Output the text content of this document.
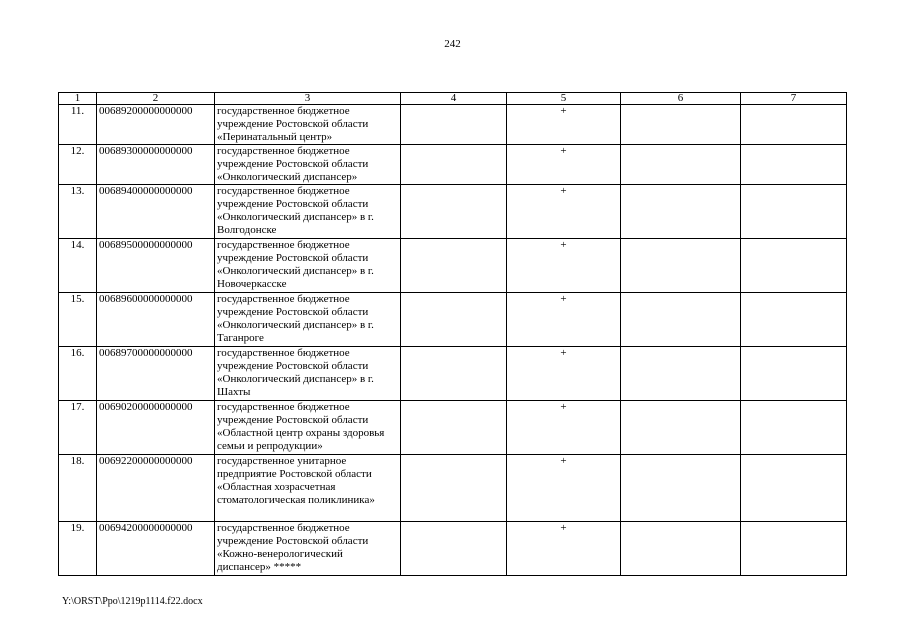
242
1	2	3	4	5	6	7
11.	00689200000000000	государственное бюджетное учреждение Ростовской области «Перинатальный центр»		+		
12.	00689300000000000	государственное бюджетное учреждение Ростовской области «Онкологический диспансер»		+		
13.	00689400000000000	государственное бюджетное учреждение Ростовской области «Онкологический диспансер» в г. Волгодонске		+		
14.	00689500000000000	государственное бюджетное учреждение Ростовской области «Онкологический диспансер» в г. Новочеркасске		+		
15.	00689600000000000	государственное бюджетное учреждение Ростовской области «Онкологический диспансер» в г. Таганроге		+		
16.	00689700000000000	государственное бюджетное учреждение Ростовской области «Онкологический диспансер» в г. Шахты		+		
17.	00690200000000000	государственное бюджетное учреждение Ростовской области «Областной центр охраны здоровья семьи и репродукции»		+		
18.	00692200000000000	государственное унитарное предприятие Ростовской области «Областная хозрасчетная стоматологическая поликлиника»		+		
19.	00694200000000000	государственное бюджетное учреждение Ростовской области «Кожно-венерологический диспансер» *****		+		
Y:\ORST\Ppo\1219p1114.f22.docx
